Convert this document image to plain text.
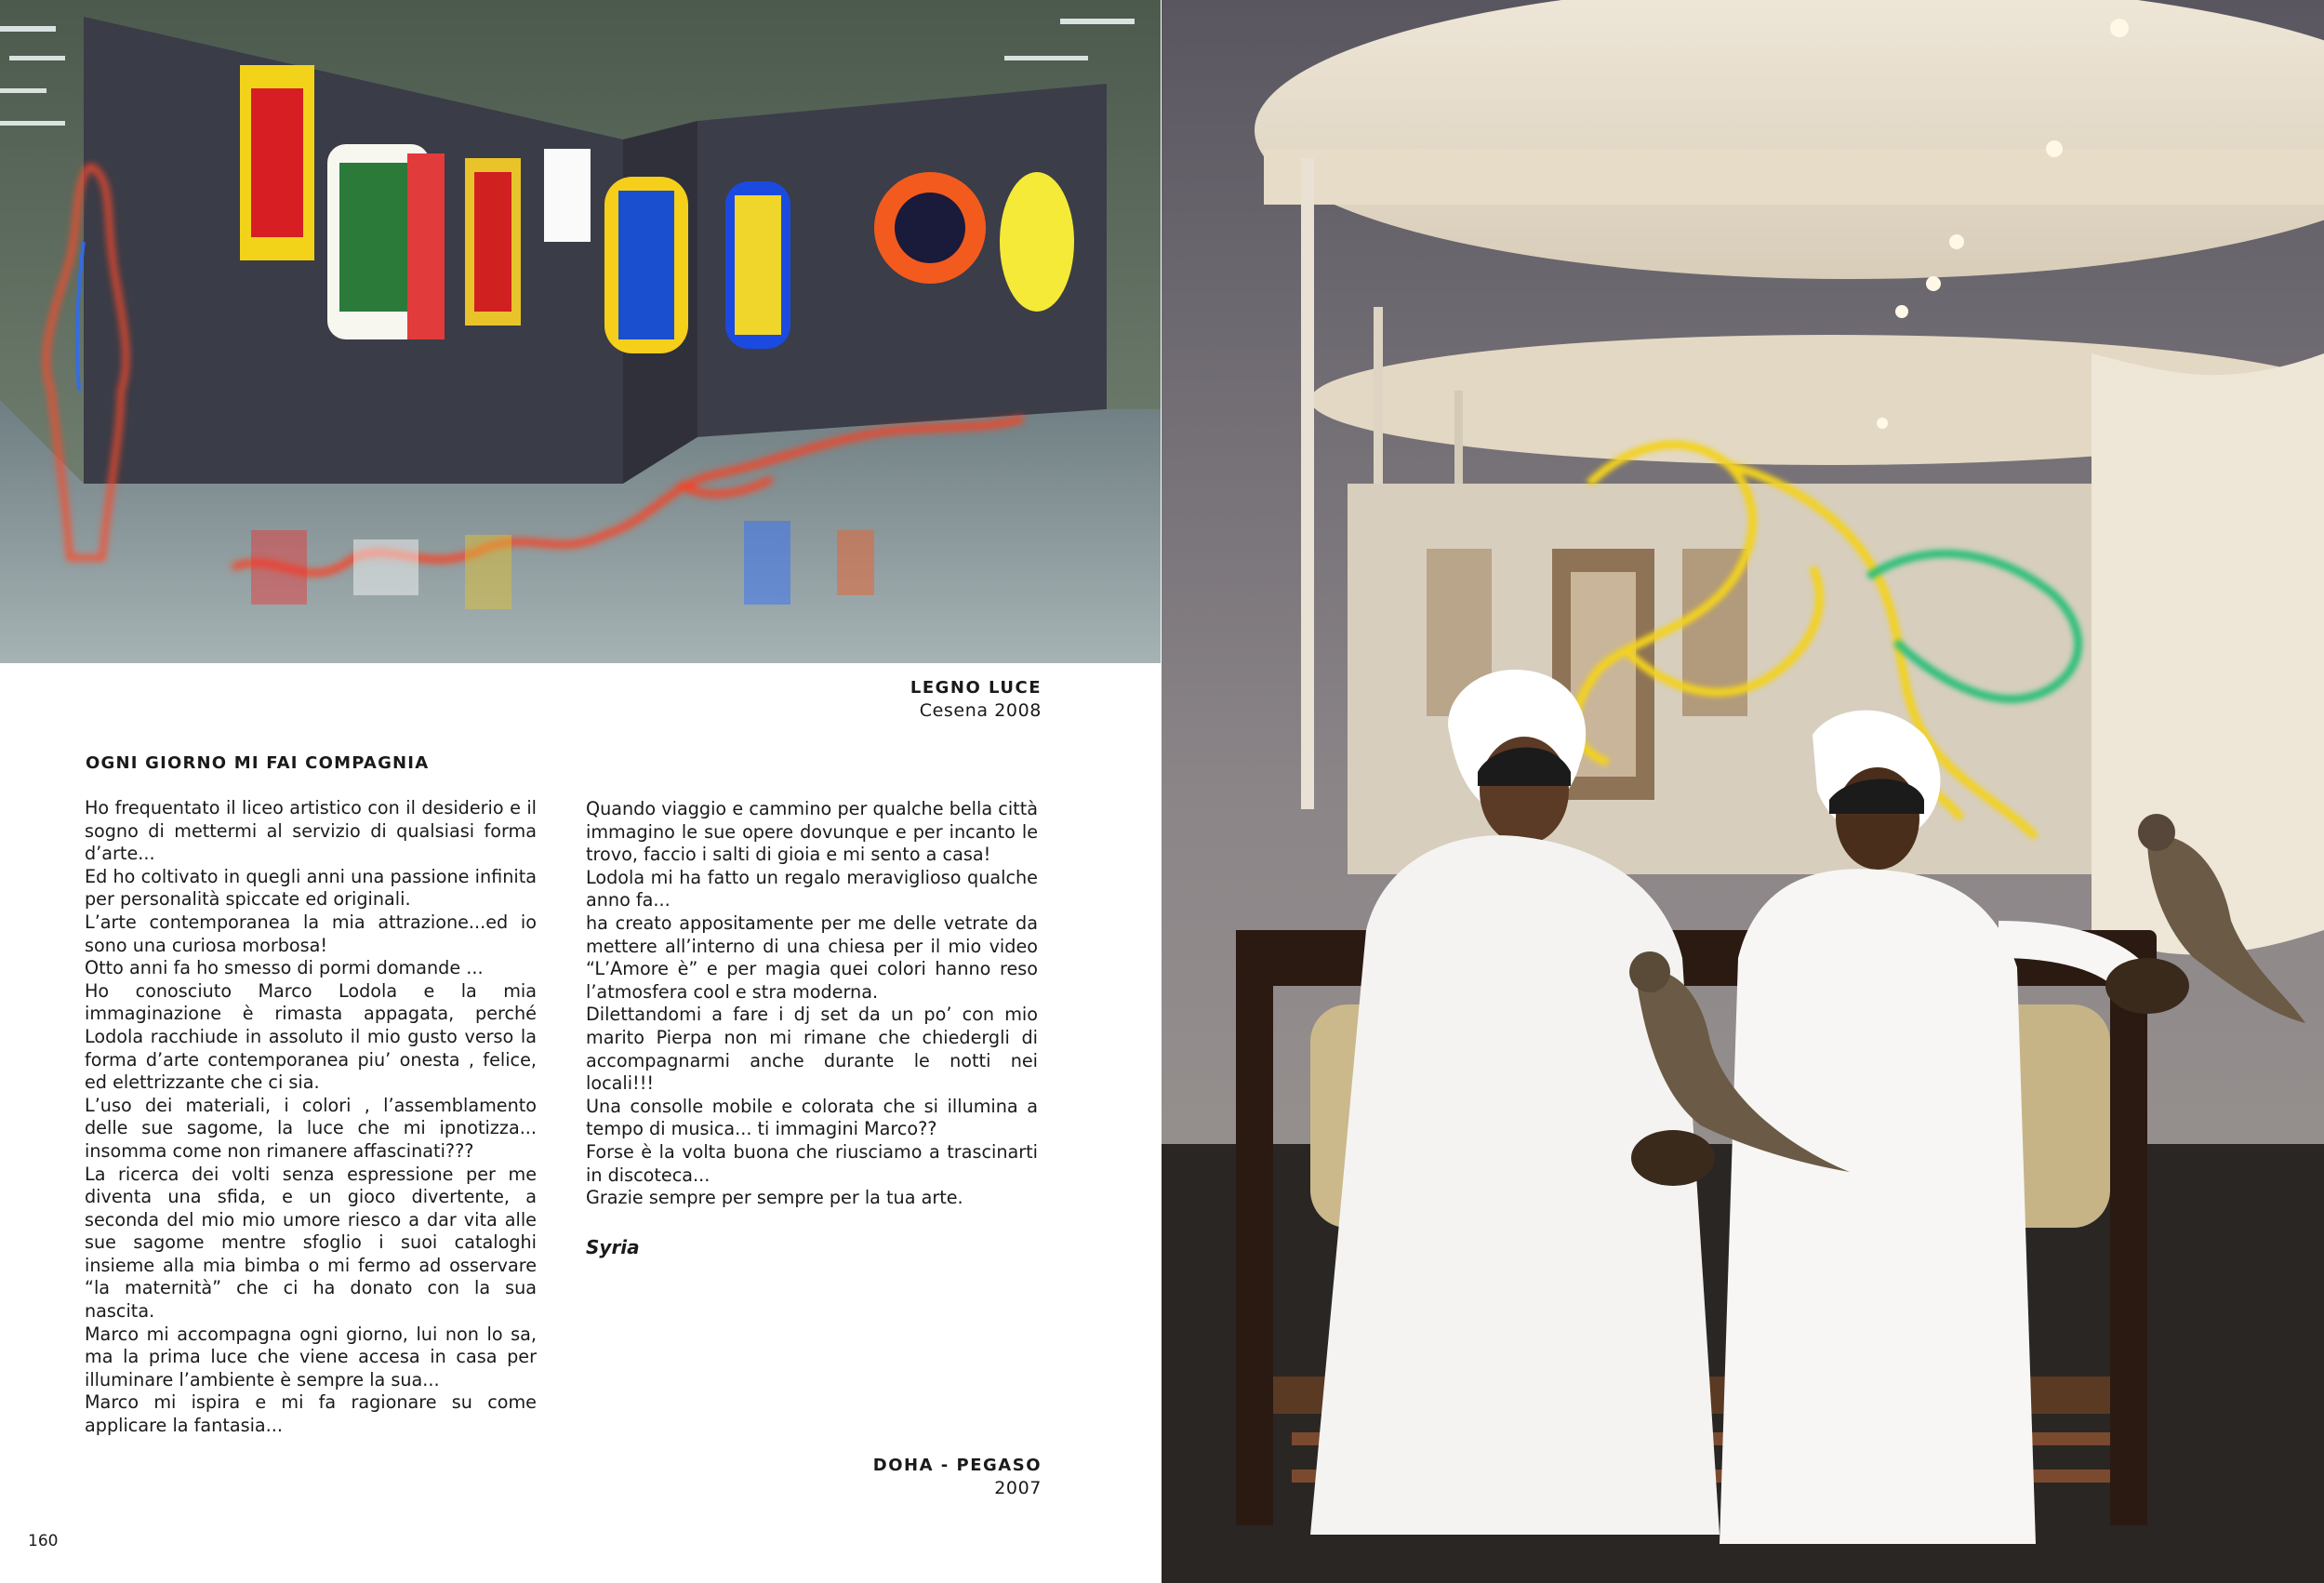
LEGNO LUCE
Cesena 2008
OGNI GIORNO MI FAI COMPAGNIA

Ho frequentato il liceo artistico con il desiderio e il sogno di mettermi al servizio di qualsiasi forma d’arte...

Ed ho coltivato in quegli anni una passione infinita per personalità spiccate ed originali.

L’arte contemporanea la mia attrazione...ed io sono una curiosa morbosa!

Otto anni fa ho smesso di pormi domande ...

Ho conosciuto Marco Lodola e la mia immaginazione è rimasta appagata, perché Lodola racchiude in assoluto il mio gusto verso la forma d’arte contemporanea piu’ onesta , felice, ed elettrizzante che ci sia.

L’uso dei materiali, i colori , l’assemblamento delle sue sagome, la luce che mi ipnotizza... insomma come non rimanere affascinati???

La ricerca dei volti senza espressione per me diventa una sfida, e un gioco divertente, a seconda del mio mio umore riesco a dar vita alle sue sagome mentre sfoglio i suoi cataloghi insieme alla mia bimba o mi fermo ad osservare “la maternità” che ci ha donato con la sua nascita.

Marco mi accompagna ogni giorno, lui non lo sa, ma la prima luce che viene accesa in casa per illuminare l’ambiente è sempre la sua...

Marco mi ispira e mi fa ragionare su come applicare la fantasia...

Quando viaggio e cammino per qualche bella città immagino le sue opere dovunque e per incanto le trovo, faccio i salti di gioia e mi sento a casa!

Lodola mi ha fatto un regalo meraviglioso qualche anno fa...

ha creato appositamente per me delle vetrate da mettere all’interno di una chiesa per il mio video “L’Amore è” e per magia quei colori hanno reso l’atmosfera cool e stra moderna.

Dilettandomi a fare i dj set da un po’ con mio marito Pierpa non mi rimane che chiedergli di accompagnarmi anche durante le notti nei locali!!!

Una consolle mobile e colorata che si illumina a tempo di musica... ti immagini Marco??

Forse è la volta buona che riusciamo a trascinarti in discoteca...

Grazie sempre per sempre per la tua arte.

Syria
DOHA - PEGASO
2007
160
